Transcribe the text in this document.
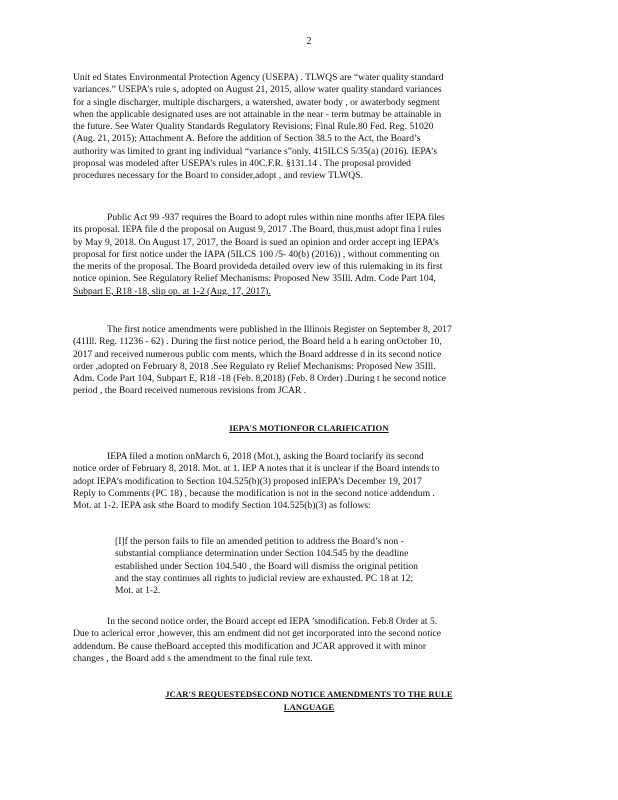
2
Unit ed States Environmental Protection Agency (USEPA) . TLWQS are “water quality standard
variances.” USEPA’s rule s, adopted on August 21, 2015, allow water quality standard variances
for a single discharger, multiple dischargers, a watershed, awater body , or awaterbody segment
when the applicable designated uses are not attainable in the near - term butmay be attainable in
the future. See Water Quality Standards Regulatory Revisions; Final Rule.80 Fed. Reg. 51020
(Aug. 21, 2015); Attachment A. Before the addition of Section 38.5 to the Act, the Board’s
authority was limited to grant ing individual “variance s”only. 415ILCS 5/35(a) (2016). IEPA’s
proposal was modeled after USEPA’s rules in 40C.F.R. §131.14 . The proposal provided
procedures necessary for the Board to consider,adopt , and review TLWQS.
Public Act 99 -937 requires the Board to adopt rules within nine months after IEPA files
its proposal. IEPA file d the proposal on August 9, 2017 .The Board, thus,must adopt fina l rules
by May 9, 2018. On August 17, 2017, the Board is sued an opinion and order accept ing IEPA’s
proposal for first notice under the IAPA (5ILCS 100 /5- 40(b) (2016)) , without commenting on
the merits of the proposal. The Board provideda detailed overv iew of this rulemaking in its first
notice opinion. See Regulatory Relief Mechanisms: Proposed New 35Ill. Adm. Code Part 104,
Subpart E, R18 -18, slip op. at 1-2 (Aug. 17, 2017).
The first notice amendments were published in the Illinois Register on September 8, 2017
(41Ill. Reg. 11236 - 62) . During the first notice period, the Board held a h earing onOctober 10,
2017 and received numerous public com ments, which the Board addresse d in its second notice
order ,adopted on February 8, 2018 .See Regulato ry Relief Mechanisms: Proposed New 35Ill.
Adm. Code Part 104, Subpart E, R18 -18 (Feb. 8,2018) (Feb. 8 Order) .During t he second notice
period , the Board received numerous revisions from JCAR .
IEPA'S MOTIONFOR CLARIFICATION
IEPA filed a motion onMarch 6, 2018 (Mot.), asking the Board toclarify its second
notice order of February 8, 2018. Mot. at 1. IEP A notes that it is unclear if the Board intends to
adopt IEPA’s modification to Section 104.525(b)(3) proposed inIEPA’s December 19, 2017
Reply to Comments (PC 18) , because the modification is not in the second notice addendum .
Mot. at 1-2. IEPA ask sthe Board to modify Section 104.525(b)(3) as follows:
[I]f the person fails to file an amended petition to address the Board’s non -
substantial compliance determination under Section 104.545 by the deadline
established under Section 104.540 , the Board will dismiss the original petition
and the stay continues all rights to judicial review are exhausted. PC 18 at 12;
Mot. at 1-2.
In the second notice order, the Board accept ed IEPA ’smodification. Feb.8 Order at 5.
Due to aclerical error ,however, this am endment did not get incorporated into the second notice
addendum. Be cause theBoard accepted this modification and JCAR approved it with minor
changes , the Board add s the amendment to the final rule text.
JCAR'S REQUESTEDSECOND NOTICE AMENDMENTS TO THE RULE
LANGUAGE
